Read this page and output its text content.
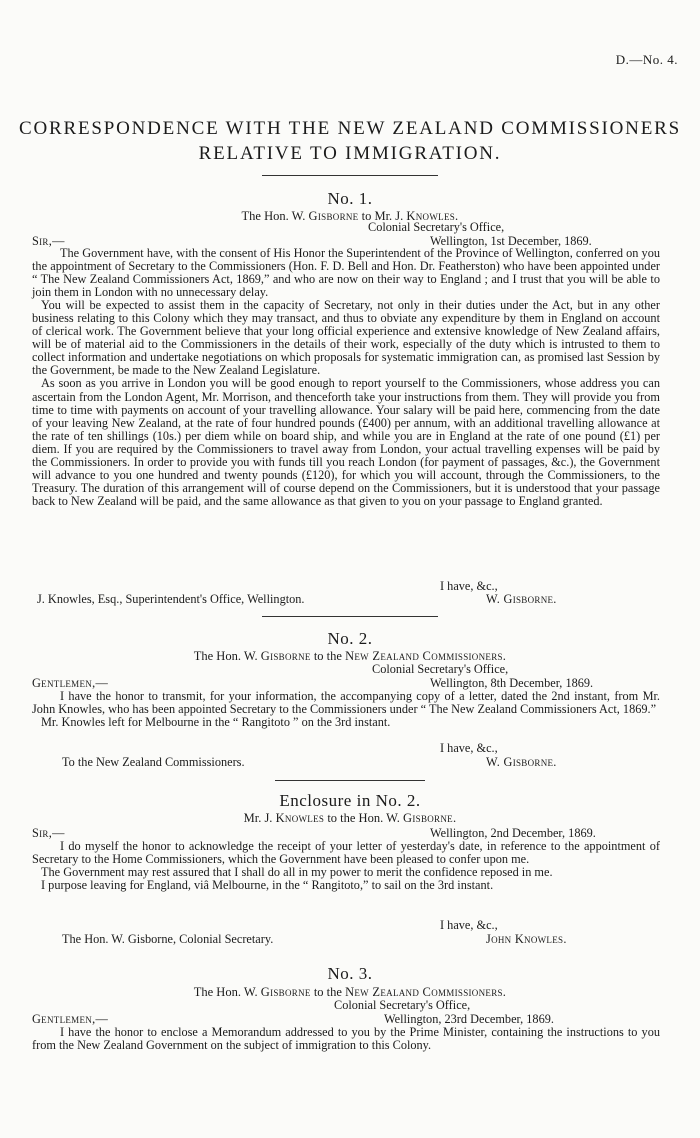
D.—No. 4.
CORRESPONDENCE WITH THE NEW ZEALAND COMMISSIONERS
RELATIVE TO IMMIGRATION.
No. 1.
The Hon. W. Gisborne to Mr. J. Knowles.
Colonial Secretary's Office,
Sir,—	Wellington, 1st December, 1869.

The Government have, with the consent of His Honor the Superintendent of the Province of Wellington, conferred on you the appointment of Secretary to the Commissioners (Hon. F. D. Bell and Hon. Dr. Featherston) who have been appointed under “ The New Zealand Commissioners Act, 1869,” and who are now on their way to England ; and I trust that you will be able to join them in London with no unnecessary delay.

You will be expected to assist them in the capacity of Secretary, not only in their duties under the Act, but in any other business relating to this Colony which they may transact, and thus to obviate any expenditure by them in England on account of clerical work. The Government believe that your long official experience and extensive knowledge of New Zealand affairs, will be of material aid to the Commissioners in the details of their work, especially of the duty which is intrusted to them to collect information and undertake negotiations on which proposals for systematic immigration can, as promised last Session by the Government, be made to the New Zealand Legislature.

As soon as you arrive in London you will be good enough to report yourself to the Commissioners, whose address you can ascertain from the London Agent, Mr. Morrison, and thenceforth take your instructions from them. They will provide you from time to time with payments on account of your travelling allowance. Your salary will be paid here, commencing from the date of your leaving New Zealand, at the rate of four hundred pounds (£400) per annum, with an additional travelling allowance at the rate of ten shillings (10s.) per diem while on board ship, and while you are in England at the rate of one pound (£1) per diem. If you are required by the Commissioners to travel away from London, your actual travelling expenses will be paid by the Commissioners. In order to provide you with funds till you reach London (for payment of passages, &c.), the Government will advance to you one hundred and twenty pounds (£120), for which you will account, through the Commissioners, to the Treasury. The duration of this arrangement will of course depend on the Commissioners, but it is understood that your passage back to New Zealand will be paid, and the same allowance as that given to you on your passage to England granted.

I have, &c.,
J. Knowles, Esq., Superintendent's Office, Wellington.	W. Gisborne.
No. 2.
The Hon. W. Gisborne to the New Zealand Commissioners.
Colonial Secretary's Office,
Gentlemen,—	Wellington, 8th December, 1869.

I have the honor to transmit, for your information, the accompanying copy of a letter, dated the 2nd instant, from Mr. John Knowles, who has been appointed Secretary to the Commissioners under “ The New Zealand Commissioners Act, 1869.”

Mr. Knowles left for Melbourne in the “ Rangitoto ” on the 3rd instant.

I have, &c.,
To the New Zealand Commissioners.	W. Gisborne.
Enclosure in No. 2.
Mr. J. Knowles to the Hon. W. Gisborne.
Sir,—	Wellington, 2nd December, 1869.

I do myself the honor to acknowledge the receipt of your letter of yesterday's date, in reference to the appointment of Secretary to the Home Commissioners, which the Government have been pleased to confer upon me.

The Government may rest assured that I shall do all in my power to merit the confidence reposed in me.

I purpose leaving for England, viâ Melbourne, in the “ Rangitoto,” to sail on the 3rd instant.

I have, &c.,
The Hon. W. Gisborne, Colonial Secretary.	John Knowles.
No. 3.
The Hon. W. Gisborne to the New Zealand Commissioners.
Colonial Secretary's Office,
Gentlemen,—	Wellington, 23rd December, 1869.

I have the honor to enclose a Memorandum addressed to you by the Prime Minister, containing the instructions to you from the New Zealand Government on the subject of immigration to this Colony.
